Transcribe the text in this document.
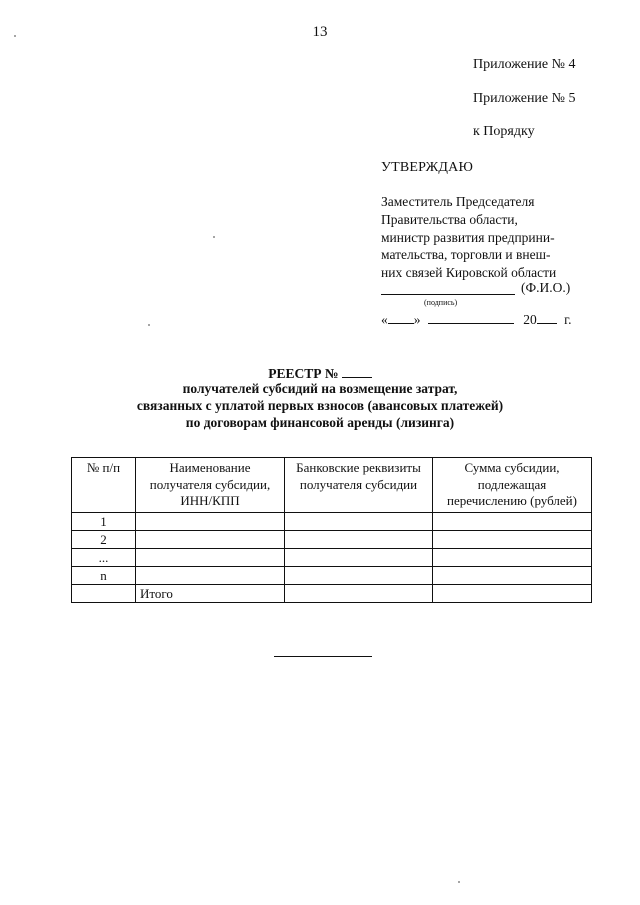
13
Приложение № 4
Приложение № 5
к Порядку
УТВЕРЖДАЮ
Заместитель Председателя
Правительства области,
министр развития предприни-
мательства, торговли и внеш-
них связей Кировской области
(Ф.И.О.)
(подпись)
« »	20 г.
РЕЕСТР №
получателей субсидий на возмещение затрат,
связанных с уплатой первых взносов (авансовых платежей)
по договорам финансовой аренды (лизинга)
№ п/п	Наименование получателя субсидии, ИНН/КПП	Банковские реквизиты получателя субсидии	Сумма субсидии, подлежащая перечислению (рублей)
1			
2			
...			
n			
	Итого		
